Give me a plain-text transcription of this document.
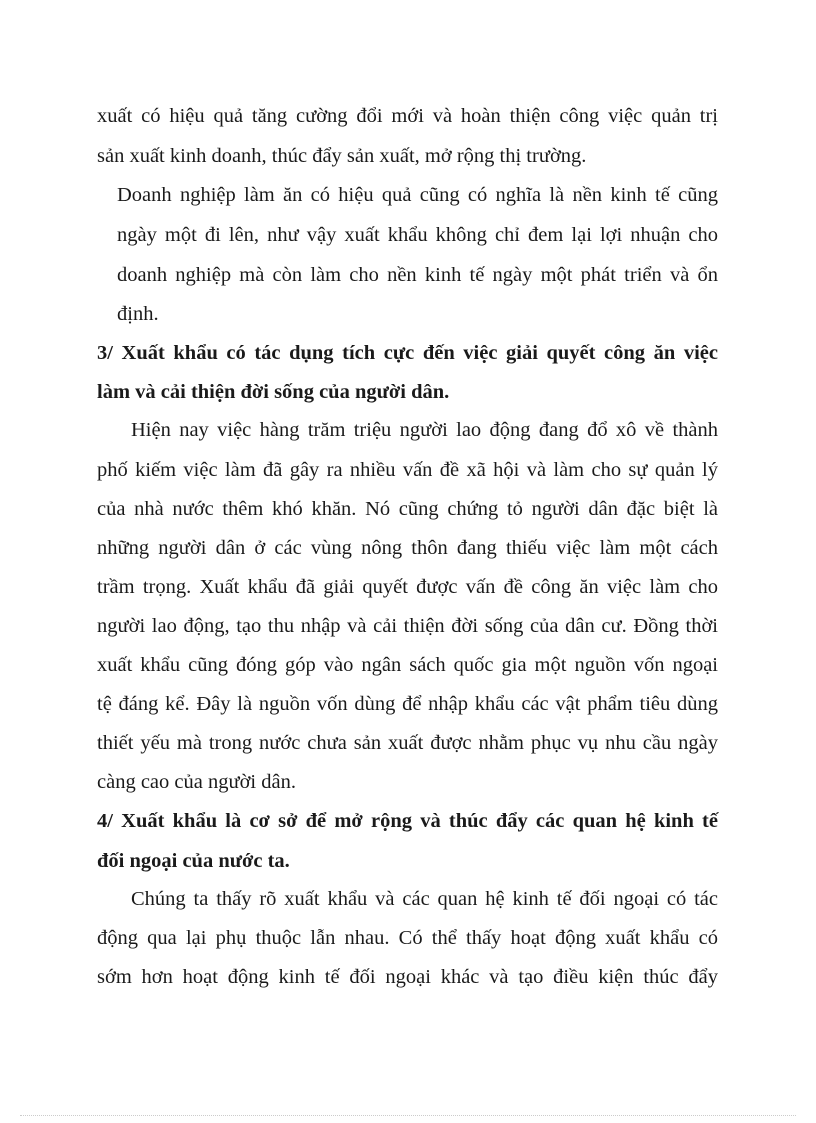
xuất có hiệu quả tăng cường đổi mới và hoàn thiện công việc quản trị

sản xuất kinh doanh, thúc đẩy sản xuất, mở rộng thị trường.

Doanh nghiệp làm ăn có hiệu quả cũng có nghĩa là nền kinh tế cũng

ngày một đi lên, như vậy xuất khẩu không chỉ đem lại lợi nhuận cho

doanh nghiệp mà còn làm cho nền kinh tế ngày một phát triển và ổn

định.

3/ Xuất khẩu có tác dụng tích cực đến việc giải quyết công ăn việc

làm và cải thiện đời sống của người dân.

Hiện nay việc hàng trăm triệu người lao động đang đổ xô về thành

phố kiếm việc làm đã gây ra nhiều vấn đề xã hội và làm cho sự quản lý

của nhà nước thêm khó khăn. Nó cũng chứng tỏ người dân đặc biệt là

những người dân ở các vùng nông thôn đang thiếu việc làm một cách

trầm trọng. Xuất khẩu đã giải quyết được vấn đề công ăn việc làm cho

người lao động, tạo thu nhập và cải thiện đời sống của dân cư. Đồng thời

xuất khẩu cũng đóng góp vào ngân sách quốc gia một nguồn vốn ngoại

tệ đáng kể. Đây là nguồn vốn dùng để nhập khẩu các vật phẩm tiêu dùng

thiết yếu mà trong nước chưa sản xuất được nhằm phục vụ nhu cầu ngày

càng cao của người dân.

4/ Xuất khẩu là cơ sở để mở rộng và thúc đẩy các quan hệ kinh tế

đối ngoại của nước ta.

Chúng ta thấy rõ xuất khẩu và các quan hệ kinh tế đối ngoại có tác

động qua lại phụ thuộc lẫn nhau. Có thể thấy hoạt động xuất khẩu có

sớm hơn hoạt động kinh tế đối ngoại khác và tạo điều kiện thúc đẩy
